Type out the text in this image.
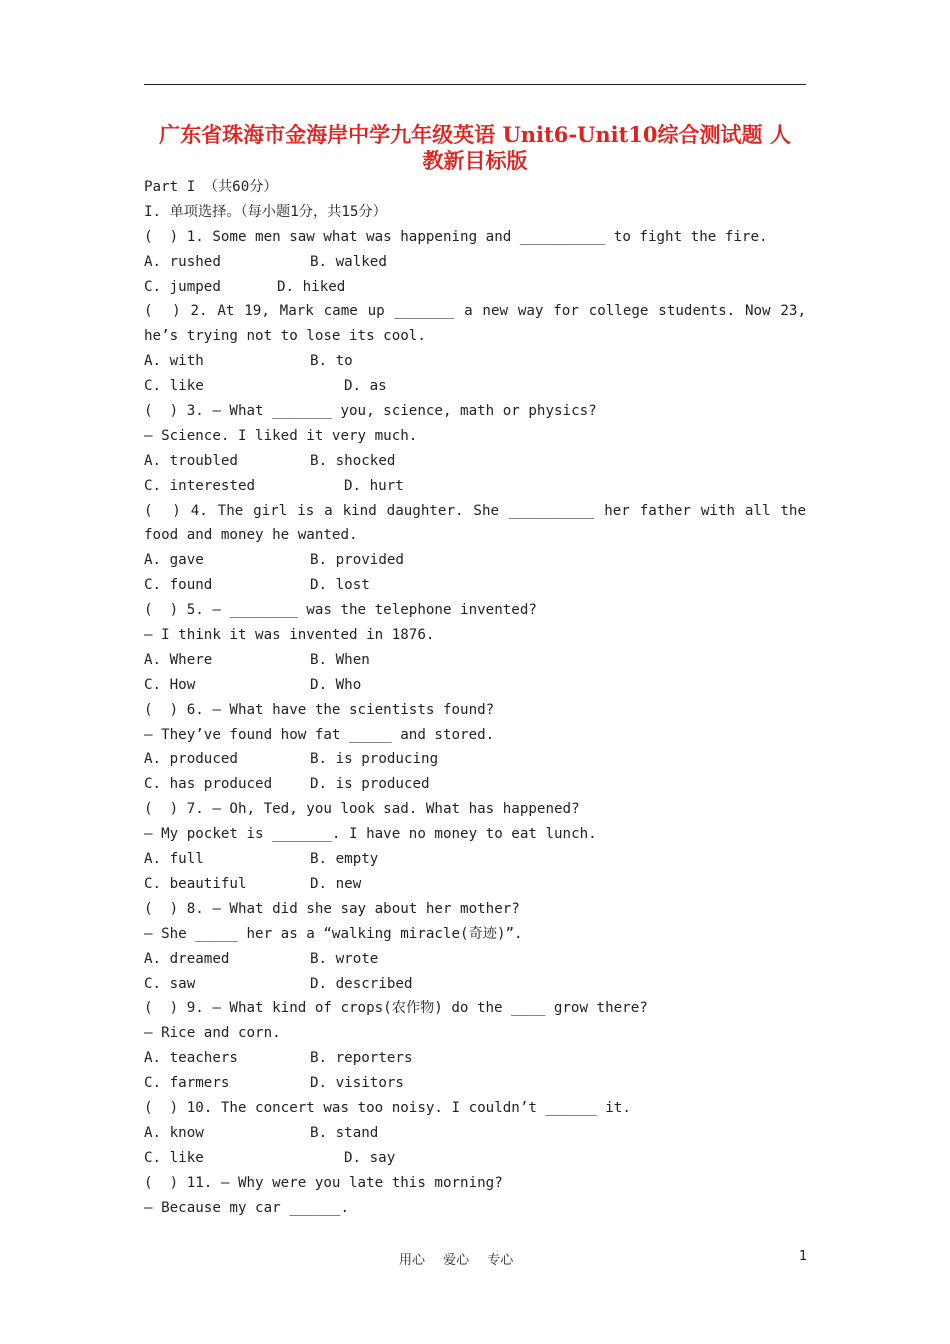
广东省珠海市金海岸中学九年级英语 Unit6-Unit10综合测试题 人
教新目标版
Part I （共60分）
I. 单项选择。（每小题1分，共15分）
(  ) 1. Some men saw what was happening and __________ to fight the fire.
A. rushed	B. walked
C. jumped	D. hiked
(  ) 2. At 19, Mark came up _______ a new way for college students. Now 23,
he’s trying not to lose its cool.
A. with	B. to
C. like	D. as
(  ) 3. — What _______ you, science, math or physics?
— Science. I liked it very much.
A. troubled	B. shocked
C. interested	D. hurt
(  ) 4. The girl is a kind daughter. She __________ her father with all the
food and money he wanted.
A. gave	B. provided
C. found	D. lost
(  ) 5. — ________ was the telephone invented?
— I think it was invented in 1876.
A. Where	B. When
C. How	D. Who
(  ) 6. — What have the scientists found?
— They’ve found how fat _____ and stored.
A. produced	B. is producing
C. has produced	D. is produced
(  ) 7. — Oh, Ted, you look sad. What has happened?
— My pocket is _______. I have no money to eat lunch.
A. full	B. empty
C. beautiful	D. new
(  ) 8. — What did she say about her mother?
— She _____ her as a “walking miracle(奇迹)”.
A. dreamed	B. wrote
C. saw	D. described
(  ) 9. — What kind of crops(农作物) do the ____ grow there?
— Rice and corn.
A. teachers	B. reporters
C. farmers	D. visitors
(  ) 10. The concert was too noisy. I couldn’t ______ it.
A. know	B. stand
C. like	D. say
(  ) 11. — Why were you late this morning?
— Because my car ______.
用心 爱心 专心	1
